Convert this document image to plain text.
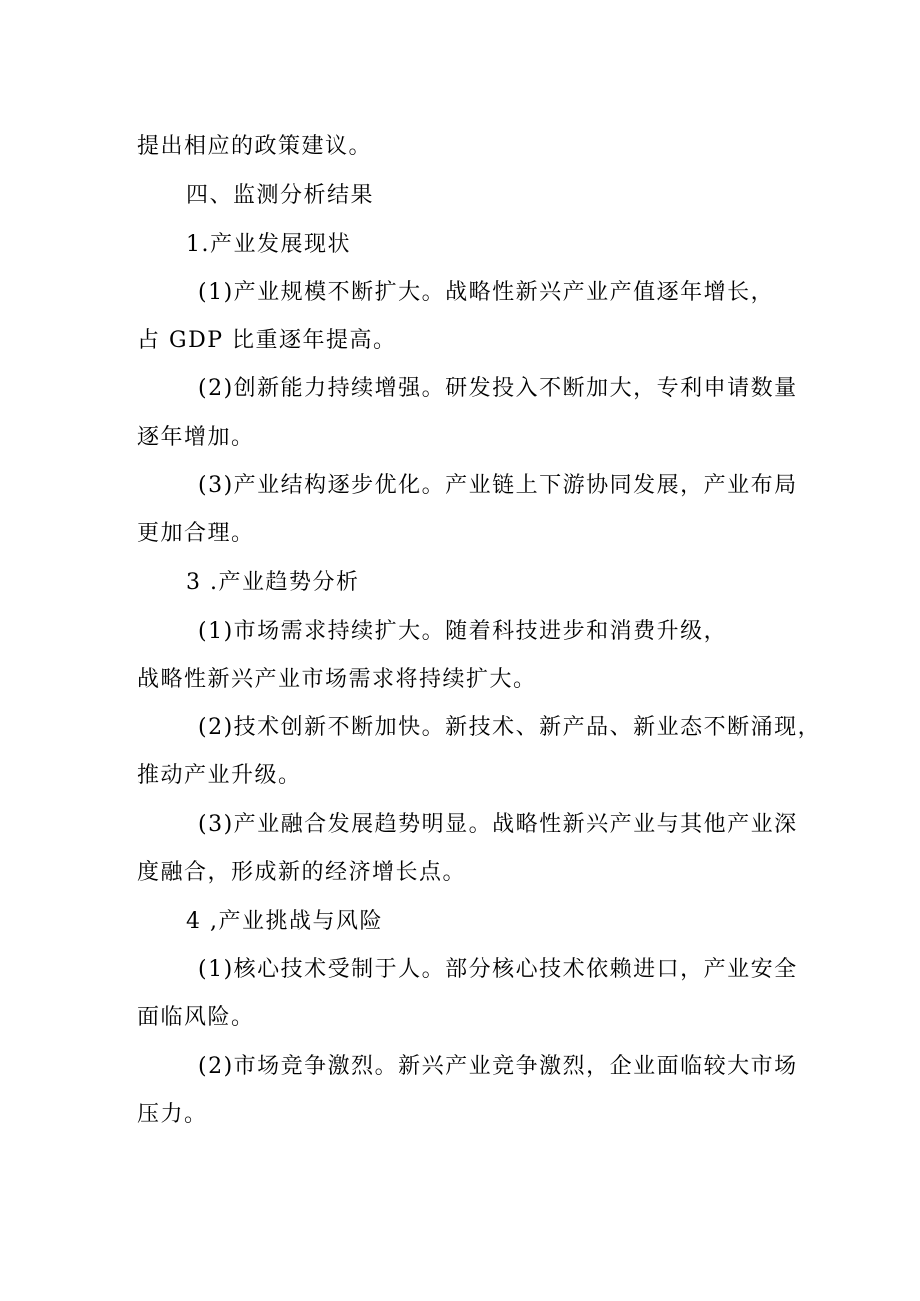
提出相应的政策建议。
四、监测分析结果
1.产业发展现状
(1)产业规模不断扩大。战略性新兴产业产值逐年增长，
占 GDP 比重逐年提高。
(2)创新能力持续增强。研发投入不断加大，专利申请数量
逐年增加。
(3)产业结构逐步优化。产业链上下游协同发展，产业布局
更加合理。
3 .产业趋势分析
(1)市场需求持续扩大。随着科技进步和消费升级，
战略性新兴产业市场需求将持续扩大。
(2)技术创新不断加快。新技术、新产品、新业态不断涌现，
推动产业升级。
(3)产业融合发展趋势明显。战略性新兴产业与其他产业深
度融合，形成新的经济增长点。
4 ,产业挑战与风险
(1)核心技术受制于人。部分核心技术依赖进口，产业安全
面临风险。
(2)市场竞争激烈。新兴产业竞争激烈，企业面临较大市场
压力。
